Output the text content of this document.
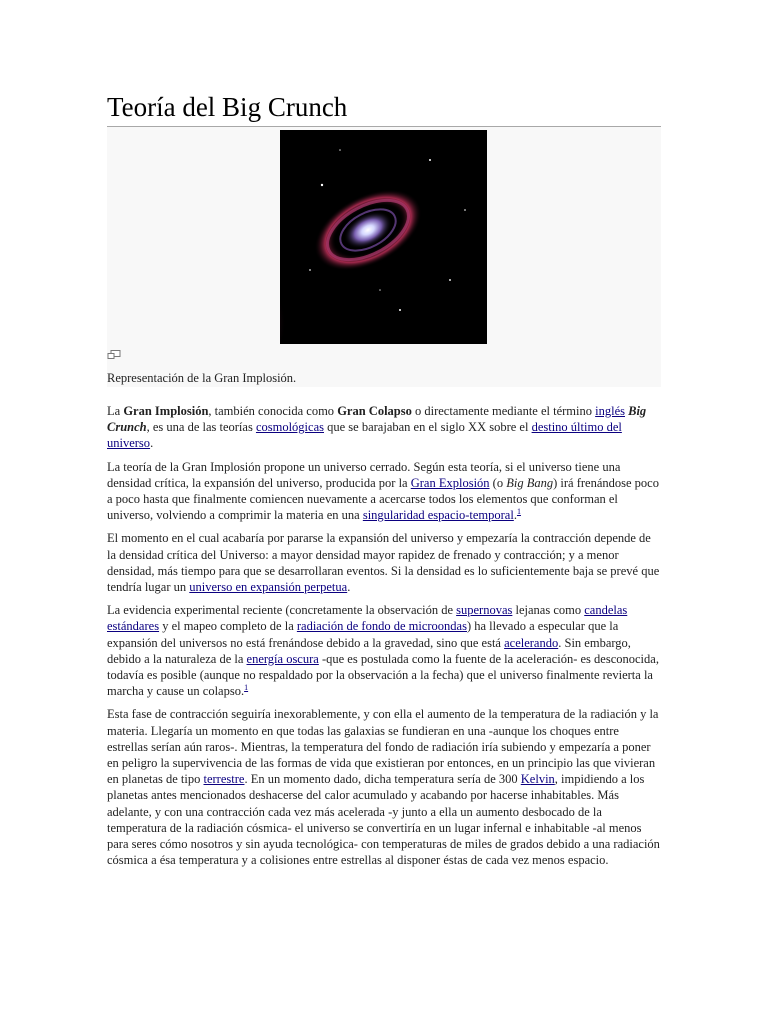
Teoría del Big Crunch
Representación de la Gran Implosión.

La Gran Implosión, también conocida como Gran Colapso o directamente mediante el término inglés Big Crunch, es una de las teorías cosmológicas que se barajaban en el siglo XX sobre el destino último del universo.

La teoría de la Gran Implosión propone un universo cerrado. Según esta teoría, si el universo tiene una densidad crítica, la expansión del universo, producida por la Gran Explosión (o Big Bang) irá frenándose poco a poco hasta que finalmente comiencen nuevamente a acercarse todos los elementos que conforman el universo, volviendo a comprimir la materia en una singularidad espacio-temporal.$^1$

El momento en el cual acabaría por pararse la expansión del universo y empezaría la contracción depende de la densidad crítica del Universo: a mayor densidad mayor rapidez de frenado y contracción; y a menor densidad, más tiempo para que se desarrollaran eventos. Si la densidad es lo suficientemente baja se prevé que tendría lugar un universo en expansión perpetua.

La evidencia experimental reciente (concretamente la observación de supernovas lejanas como candelas estándares y el mapeo completo de la radiación de fondo de microondas) ha llevado a especular que la expansión del universos no está frenándose debido a la gravedad, sino que está acelerando. Sin embargo, debido a la naturaleza de la energía oscura -que es postulada como la fuente de la aceleración- es desconocida, todavía es posible (aunque no respaldado por la observación a la fecha) que el universo finalmente revierta la marcha y cause un colapso.$^1$

Esta fase de contracción seguiría inexorablemente, y con ella el aumento de la temperatura de la radiación y la materia. Llegaría un momento en que todas las galaxias se fundieran en una -aunque los choques entre estrellas serían aún raros-. Mientras, la temperatura del fondo de radiación iría subiendo y empezaría a poner en peligro la supervivencia de las formas de vida que existieran por entonces, en un principio las que vivieran en planetas de tipo terrestre. En un momento dado, dicha temperatura sería de 300 Kelvin, impidiendo a los planetas antes mencionados deshacerse del calor acumulado y acabando por hacerse inhabitables. Más adelante, y con una contracción cada vez más acelerada -y junto a ella un aumento desbocado de la temperatura de la radiación cósmica- el universo se convertiría en un lugar infernal e inhabitable -al menos para seres cómo nosotros y sin ayuda tecnológica- con temperaturas de miles de grados debido a una radiación cósmica a ésa temperatura y a colisiones entre estrellas al disponer éstas de cada vez menos espacio.
